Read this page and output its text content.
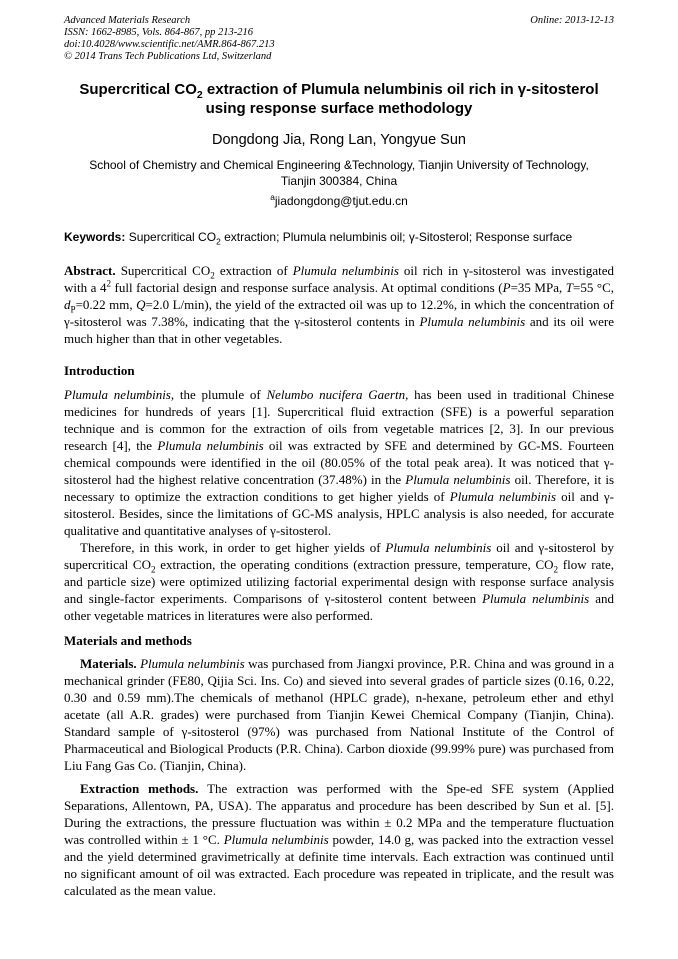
Advanced Materials Research
ISSN: 1662-8985, Vols. 864-867, pp 213-216
doi:10.4028/www.scientific.net/AMR.864-867.213
© 2014 Trans Tech Publications Ltd, Switzerland
Online: 2013-12-13
Supercritical $CO_2$ extraction of Plumula nelumbinis oil rich in γ-sitosterol
using response surface methodology
Dongdong Jia, Rong Lan, Yongyue Sun
School of Chemistry and Chemical Engineering &Technology, Tianjin University of Technology,
Tianjin 300384, China
$^a$jiadongdong@tjut.edu.cn
Keywords: Supercritical $CO_2$ extraction; Plumula nelumbinis oil; γ-Sitosterol; Response surface

Abstract. Supercritical $CO_2$ extraction of Plumula nelumbinis oil rich in γ-sitosterol was investigated with a $4^2$ full factorial design and response surface analysis. At optimal conditions (P=35 MPa, T=55 °C, $d_P=0.22$ mm, Q=2.0 L/min), the yield of the extracted oil was up to 12.2%, in which the concentration of γ-sitosterol was 7.38%, indicating that the γ-sitosterol contents in Plumula nelumbinis and its oil were much higher than that in other vegetables.

Introduction

Plumula nelumbinis, the plumule of Nelumbo nucifera Gaertn, has been used in traditional Chinese medicines for hundreds of years [1]. Supercritical fluid extraction (SFE) is a powerful separation technique and is common for the extraction of oils from vegetable matrices [2, 3]. In our previous research [4], the Plumula nelumbinis oil was extracted by SFE and determined by GC-MS. Fourteen chemical compounds were identified in the oil (80.05% of the total peak area). It was noticed that γ-sitosterol had the highest relative concentration (37.48%) in the Plumula nelumbinis oil. Therefore, it is necessary to optimize the extraction conditions to get higher yields of Plumula nelumbinis oil and γ-sitosterol. Besides, since the limitations of GC-MS analysis, HPLC analysis is also needed, for accurate qualitative and quantitative analyses of γ-sitosterol.

Therefore, in this work, in order to get higher yields of Plumula nelumbinis oil and γ-sitosterol by supercritical $CO_2$ extraction, the operating conditions (extraction pressure, temperature, $CO_2$ flow rate, and particle size) were optimized utilizing factorial experimental design with response surface analysis and single-factor experiments. Comparisons of γ-sitosterol content between Plumula nelumbinis and other vegetable matrices in literatures were also performed.

Materials and methods

Materials. Plumula nelumbinis was purchased from Jiangxi province, P.R. China and was ground in a mechanical grinder (FE80, Qijia Sci. Ins. Co) and sieved into several grades of particle sizes (0.16, 0.22, 0.30 and 0.59 mm).The chemicals of methanol (HPLC grade), n-hexane, petroleum ether and ethyl acetate (all A.R. grades) were purchased from Tianjin Kewei Chemical Company (Tianjin, China). Standard sample of γ-sitosterol (97%) was purchased from National Institute of the Control of Pharmaceutical and Biological Products (P.R. China). Carbon dioxide (99.99% pure) was purchased from Liu Fang Gas Co. (Tianjin, China).

Extraction methods. The extraction was performed with the Spe-ed SFE system (Applied Separations, Allentown, PA, USA). The apparatus and procedure has been described by Sun et al. [5]. During the extractions, the pressure fluctuation was within ± 0.2 MPa and the temperature fluctuation was controlled within ± 1 °C. Plumula nelumbinis powder, 14.0 g, was packed into the extraction vessel and the yield determined gravimetrically at definite time intervals. Each extraction was continued until no significant amount of oil was extracted. Each procedure was repeated in triplicate, and the result was calculated as the mean value.
